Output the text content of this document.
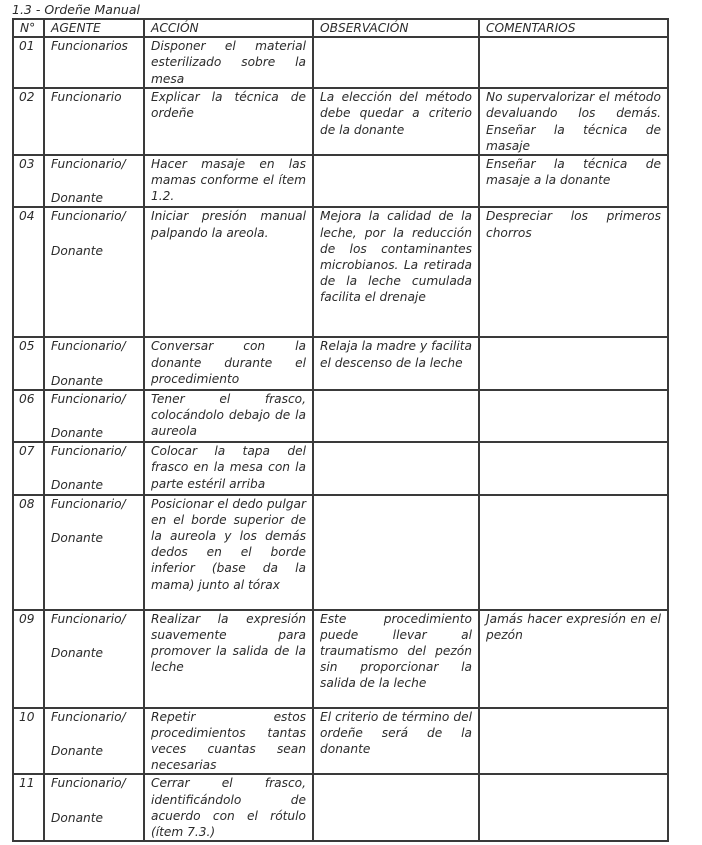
1.3 - Ordeñe Manual
N°	AGENTE	ACCIÓN	OBSERVACIÓN	COMENTARIOS
01	Funcionarios	Disponer el material esterilizado sobre la mesa		
02	Funcionario	Explicar la técnica de ordeñe	La elección del método debe quedar a criterio de la donante	No supervalorizar el método devaluando los demás. Enseñar la técnica de masaje
03	Funcionario/
Donante	Hacer masaje en las mamas conforme el ítem 1.2.		Enseñar la técnica de masaje a la donante
04	Funcionario/
Donante	Iniciar presión manual palpando la areola.	Mejora la calidad de la leche, por la reducción de los contaminantes microbianos. La retirada de la leche cumulada facilita el drenaje	Despreciar los primeros chorros
05	Funcionario/
Donante	Conversar con la donante durante el procedimiento	Relaja la madre y facilita el descenso de la leche	
06	Funcionario/
Donante	Tener el frasco, colocándolo debajo de la aureola		
07	Funcionario/
Donante	Colocar la tapa del frasco en la mesa con la parte estéril arriba		
08	Funcionario/
Donante	Posicionar el dedo pulgar en el borde superior de la aureola y los demás dedos en el borde inferior (base da la mama) junto al tórax		
09	Funcionario/
Donante	Realizar la expresión suavemente para promover la salida de la leche	Este procedimiento puede llevar al traumatismo del pezón sin proporcionar la salida de la leche	Jamás hacer expresión en el pezón
10	Funcionario/
Donante	Repetir estos procedimientos tantas veces cuantas sean necesarias	El criterio de término del ordeñe será de la donante	
11	Funcionario/
Donante	Cerrar el frasco, identificándolo de acuerdo con el rótulo (ítem 7.3.)		
